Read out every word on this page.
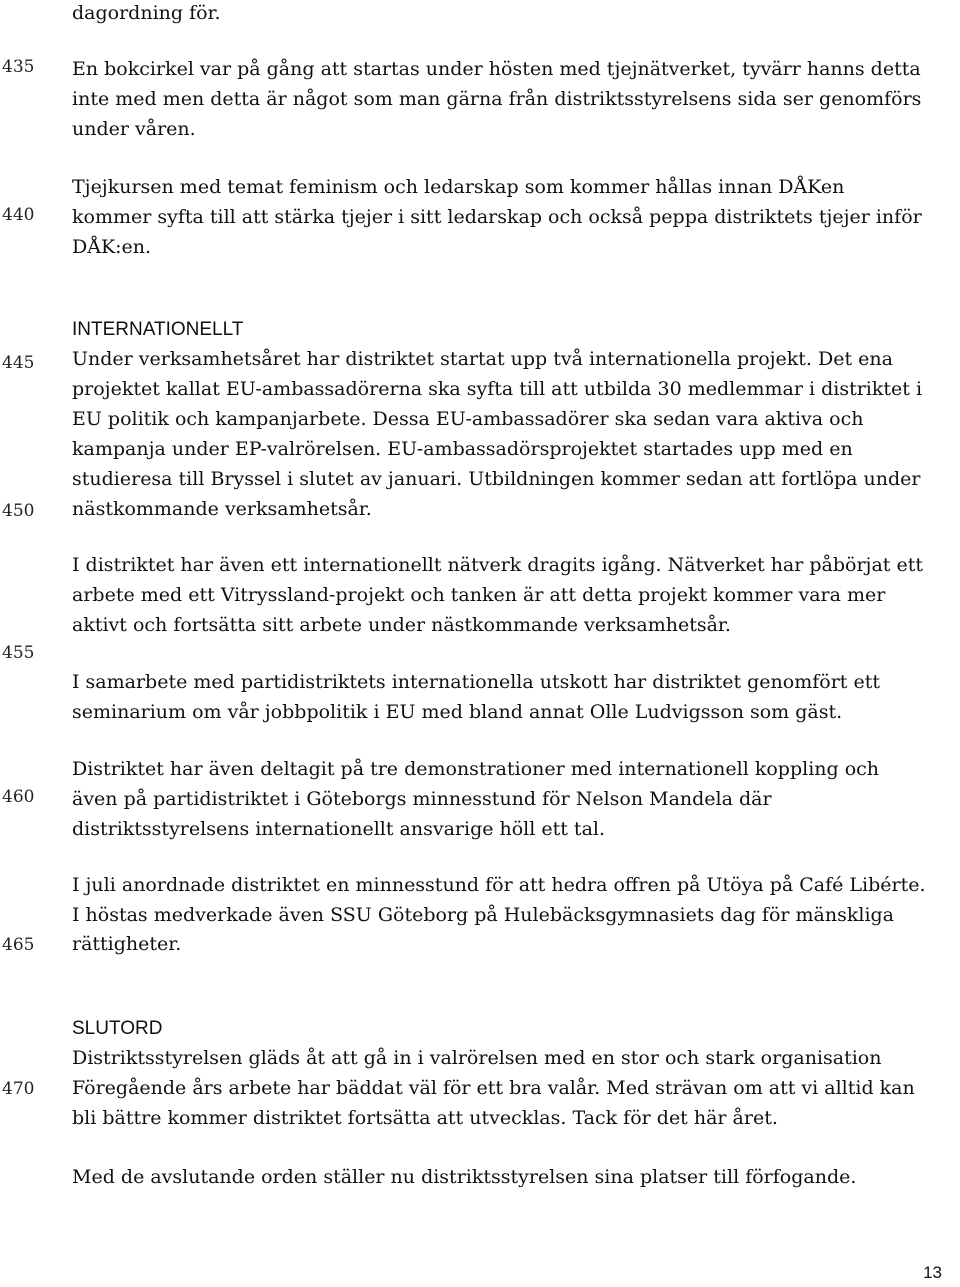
435
440
445
450
455
460
465
470
dagordning för.
En bokcirkel var på gång att startas under hösten med tjejnätverket, tyvärr hanns detta
inte med men detta är något som man gärna från distriktsstyrelsens sida ser genomförs
under våren.
Tjejkursen med temat feminism och ledarskap som kommer hållas innan DÅKen
kommer syfta till att stärka tjejer i sitt ledarskap och också peppa distriktets tjejer inför
DÅK:en.
INTERNATIONELLT
Under verksamhetsåret har distriktet startat upp två internationella projekt. Det ena
projektet kallat EU-ambassadörerna ska syfta till att utbilda 30 medlemmar i distriktet i
EU politik och kampanjarbete. Dessa EU-ambassadörer ska sedan vara aktiva och
kampanja under EP-valrörelsen. EU-ambassadörsprojektet startades upp med en
studieresa till Bryssel i slutet av januari. Utbildningen kommer sedan att fortlöpa under
nästkommande verksamhetsår.
I distriktet har även ett internationellt nätverk dragits igång. Nätverket har påbörjat ett
arbete med ett Vitryssland-projekt och tanken är att detta projekt kommer vara mer
aktivt och fortsätta sitt arbete under nästkommande verksamhetsår.
I samarbete med partidistriktets internationella utskott har distriktet genomfört ett
seminarium om vår jobbpolitik i EU med bland annat Olle Ludvigsson som gäst.
Distriktet har även deltagit på tre demonstrationer med internationell koppling och
även på partidistriktet i Göteborgs minnesstund för Nelson Mandela där
distriktsstyrelsens internationellt ansvarige höll ett tal.
I juli anordnade distriktet en minnesstund för att hedra offren på Utöya på Café Libérte.
I höstas medverkade även SSU Göteborg på Hulebäcksgymnasiets dag för mänskliga
rättigheter.
SLUTORD
Distriktsstyrelsen gläds åt att gå in i valrörelsen med en stor och stark organisation
Föregående års arbete har bäddat väl för ett bra valår. Med strävan om att vi alltid kan
bli bättre kommer distriktet fortsätta att utvecklas. Tack för det här året.
Med de avslutande orden ställer nu distriktsstyrelsen sina platser till förfogande.
13
